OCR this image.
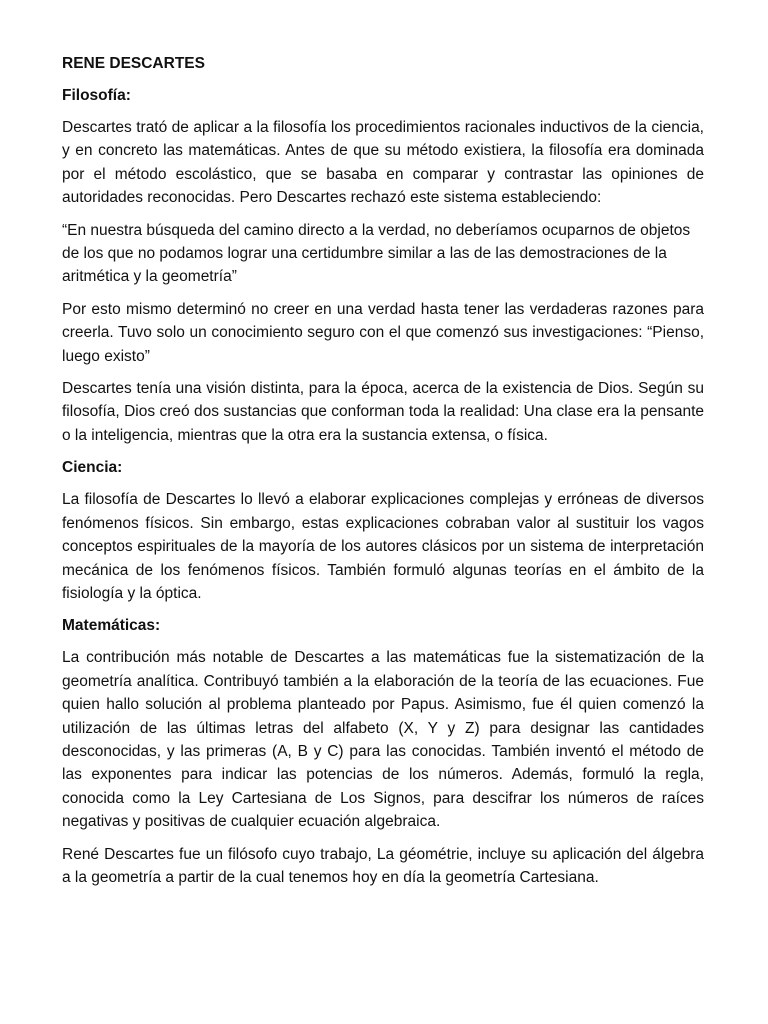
RENE DESCARTES
Filosofía:

Descartes trató de aplicar a la filosofía los procedimientos racionales inductivos de la ciencia, y en concreto las matemáticas. Antes de que su método existiera, la filosofía era dominada por el método escolástico, que se basaba en comparar y contrastar las opiniones de autoridades reconocidas. Pero Descartes rechazó este sistema estableciendo:

“En nuestra búsqueda del camino directo a la verdad, no deberíamos ocuparnos de objetos de los que no podamos lograr una certidumbre similar a las de las demostraciones de la aritmética y la geometría”

Por esto mismo determinó no creer en una verdad hasta tener las verdaderas razones para creerla. Tuvo solo un conocimiento seguro con el que comenzó sus investigaciones: “Pienso, luego existo”

Descartes tenía una visión distinta, para la época, acerca de la existencia de Dios. Según su filosofía, Dios creó dos sustancias que conforman toda la realidad: Una clase era la pensante o la inteligencia, mientras que la otra era la sustancia extensa, o física.

Ciencia:

La filosofía de Descartes lo llevó a elaborar explicaciones complejas y erróneas de diversos fenómenos físicos. Sin embargo, estas explicaciones cobraban valor al sustituir los vagos conceptos espirituales de la mayoría de los autores clásicos por un sistema de interpretación mecánica de los fenómenos físicos. También formuló algunas teorías en el ámbito de la fisiología y la óptica.

Matemáticas:

La contribución más notable de Descartes a las matemáticas fue la sistematización de la geometría analítica. Contribuyó también a la elaboración de la teoría de las ecuaciones. Fue quien hallo solución al problema planteado por Papus. Asimismo, fue él quien comenzó la utilización de las últimas letras del alfabeto (X, Y y Z) para designar las cantidades desconocidas, y las primeras (A, B y C) para las conocidas. También inventó el método de las exponentes para indicar las potencias de los números. Además, formuló la regla, conocida como la Ley Cartesiana de Los Signos, para descifrar los números de raíces negativas y positivas de cualquier ecuación algebraica.

René Descartes fue un filósofo cuyo trabajo, La géométrie, incluye su aplicación del álgebra a la geometría a partir de la cual tenemos hoy en día la geometría Cartesiana.
